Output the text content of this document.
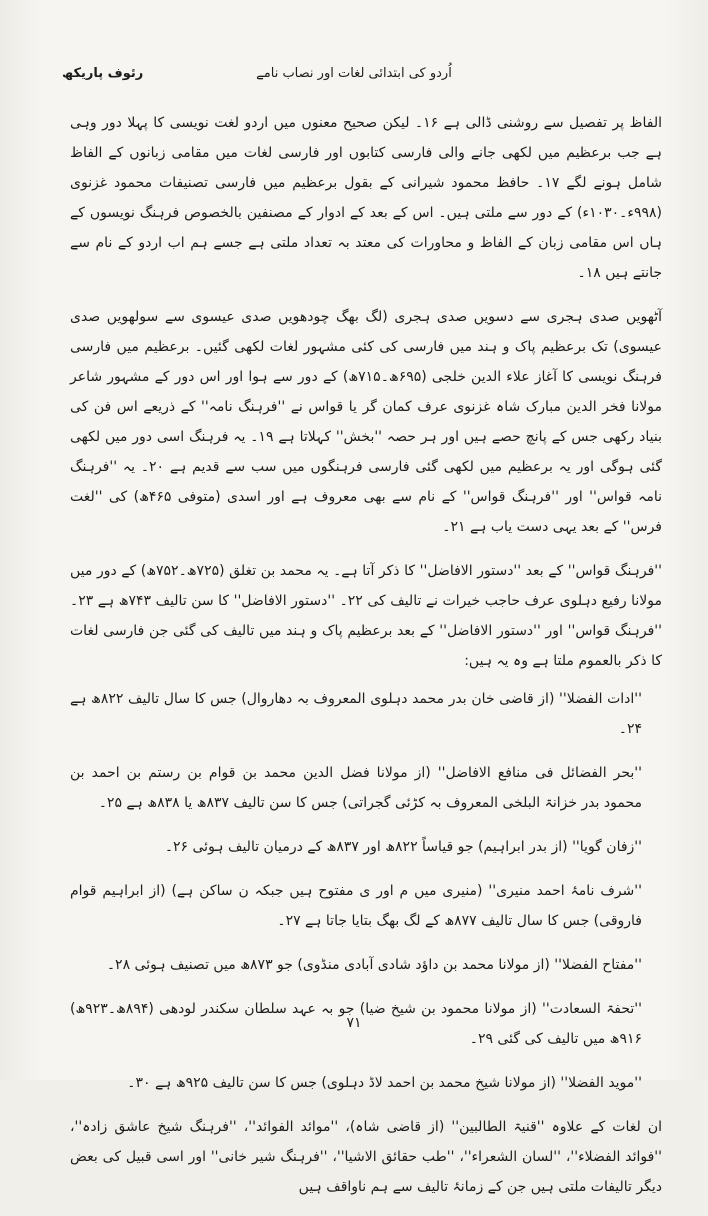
رئوف پاریکھ	اُردو کی ابتدائی لغات اور نصاب نامے

الفاظ پر تفصیل سے روشنی ڈالی ہے ۱۶۔ لیکن صحیح معنوں میں اردو لغت نویسی کا پہلا دور وہی ہے جب برعظیم میں لکھی جانے والی فارسی کتابوں اور فارسی لغات میں مقامی زبانوں کے الفاظ شامل ہونے لگے ۱۷۔ حافظ محمود شیرانی کے بقول برعظیم میں فارسی تصنیفات محمود غزنوی (۹۹۸ء۔۱۰۳۰ء) کے دور سے ملتی ہیں۔ اس کے بعد کے ادوار کے مصنفین بالخصوص فرہنگ نویسوں کے ہاں اس مقامی زبان کے الفاظ و محاورات کی معتد بہ تعداد ملتی ہے جسے ہم اب اردو کے نام سے جانتے ہیں ۱۸۔

آٹھویں صدی ہجری سے دسویں صدی ہجری (لگ بھگ چودھویں صدی عیسوی سے سولھویں صدی عیسوی) تک برعظیم پاک و ہند میں فارسی کی کئی مشہور لغات لکھی گئیں۔ برعظیم میں فارسی فرہنگ نویسی کا آغاز علاء الدین خلجی (۶۹۵ھ۔۷۱۵ھ) کے دور سے ہوا اور اس دور کے مشہور شاعر مولانا فخر الدین مبارک شاہ غزنوی عرف کمان گر یا قواس نے ''فرہنگ نامہ'' کے ذریعے اس فن کی بنیاد رکھی جس کے پانچ حصے ہیں اور ہر حصہ ''بخش'' کہلاتا ہے ۱۹۔ یہ فرہنگ اسی دور میں لکھی گئی ہوگی اور یہ برعظیم میں لکھی گئی فارسی فرہنگوں میں سب سے قدیم ہے ۲۰۔ یہ ''فرہنگ نامہ قواس'' اور ''فرہنگ قواس'' کے نام سے بھی معروف ہے اور اسدی (متوفی ۴۶۵ھ) کی ''لغت فرس'' کے بعد یہی دست یاب ہے ۲۱۔

''فرہنگ قواس'' کے بعد ''دستور الافاضل'' کا ذکر آتا ہے۔ یہ محمد بن تغلق (۷۲۵ھ۔۷۵۲ھ) کے دور میں مولانا رفیع دہلوی عرف حاجب خیرات نے تالیف کی ۲۲۔ ''دستور الافاضل'' کا سن تالیف ۷۴۳ھ ہے ۲۳۔ ''فرہنگ قواس'' اور ''دستور الافاضل'' کے بعد برعظیم پاک و ہند میں تالیف کی گئی جن فارسی لغات کا ذکر بالعموم ملتا ہے وہ یہ ہیں:

''ادات الفضلا'' (از قاضی خان بدر محمد دہلوی المعروف بہ دھاروال) جس کا سال تالیف ۸۲۲ھ ہے ۲۴۔

''بحر الفضائل فی منافع الافاضل'' (از مولانا فضل الدین محمد بن قوام بن رستم بن احمد بن محمود بدر خزانۃ البلخی المعروف بہ کڑئی گجراتی) جس کا سن تالیف ۸۳۷ھ یا ۸۳۸ھ ہے ۲۵۔

''زفان گویا'' (از بدر ابراہیم) جو قیاساً ۸۲۲ھ اور ۸۳۷ھ کے درمیان تالیف ہوئی ۲۶۔

''شرف نامۂ احمد منیری'' (منیری میں م اور ی مفتوح ہیں جبکہ ن ساکن ہے) (از ابراہیم قوام فاروقی) جس کا سال تالیف ۸۷۷ھ کے لگ بھگ بتایا جاتا ہے ۲۷۔

''مفتاح الفضلا'' (از مولانا محمد بن داؤد شادی آبادی منڈوی) جو ۸۷۳ھ میں تصنیف ہوئی ۲۸۔

''تحفۃ السعادت'' (از مولانا محمود بن شیخ ضیا) جو بہ عہد سلطان سکندر لودھی (۸۹۴ھ۔۹۲۳ھ) ۹۱۶ھ میں تالیف کی گئی ۲۹۔

''موید الفضلا'' (از مولانا شیخ محمد بن احمد لاڈ دہلوی) جس کا سن تالیف ۹۲۵ھ ہے ۳۰۔

ان لغات کے علاوہ ''قنیۃ الطالبین'' (از قاضی شاہ)، ''موائد الفوائد''، ''فرہنگ شیخ عاشق زادہ''، ''فوائد الفضلاء''، ''لسان الشعراء''، ''طب حقائق الاشیا''، ''فرہنگ شیر خانی'' اور اسی قبیل کی بعض دیگر تالیفات ملتی ہیں جن کے زمانۂ تالیف سے ہم ناواقف ہیں

۷۱
